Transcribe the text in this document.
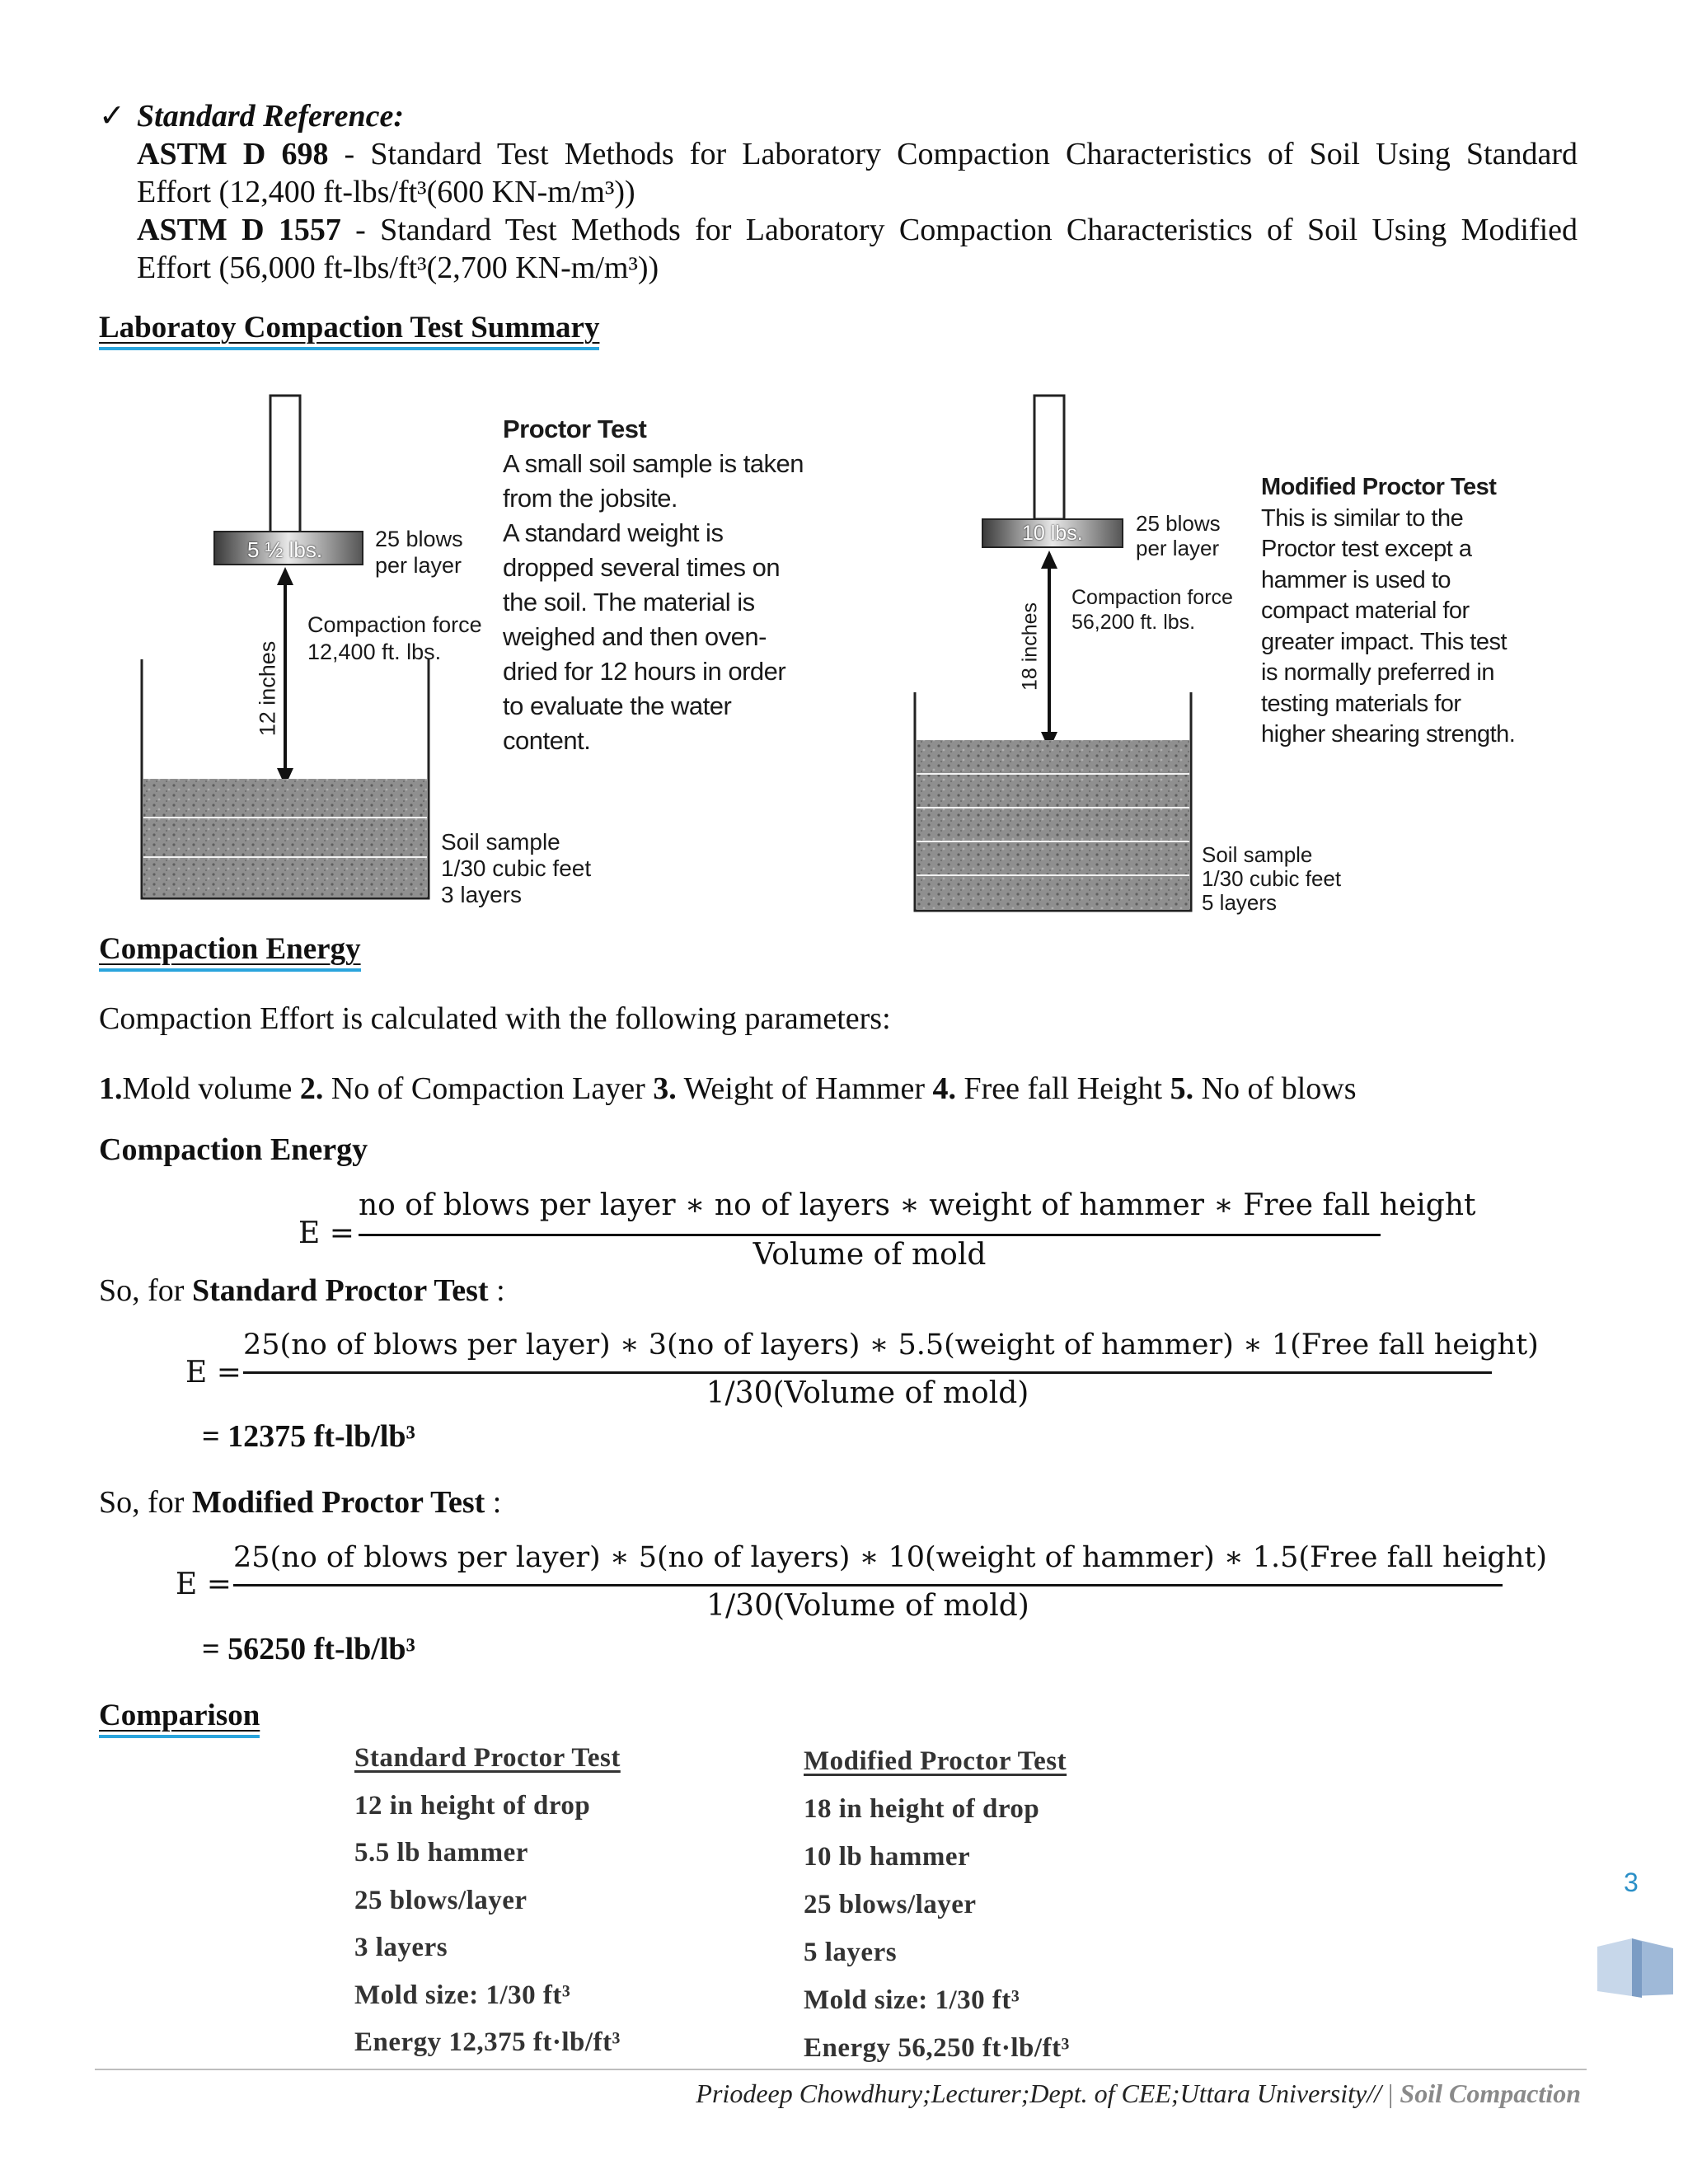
✓ Standard Reference:
ASTM D 698 - Standard Test Methods for Laboratory Compaction Characteristics of Soil Using Standard
Effort (12,400 ft-lbs/ft³(600 KN-m/m³))
ASTM D 1557 - Standard Test Methods for Laboratory Compaction Characteristics of Soil Using Modified
Effort (56,000 ft-lbs/ft³(2,700 KN-m/m³))
Laboratoy Compaction Test Summary
5 ½ lbs. 25 blows
per layer
Compaction force
12,400 ft. lbs.
12 inches
Soil sample
1/30 cubic feet
3 layers
Proctor Test
A small soil sample is taken
from the jobsite.
A standard weight is
dropped several times on
the soil. The material is
weighed and then oven-
dried for 12 hours in order
to evaluate the water
content.
10 lbs. 25 blows
per layer
Compaction force
56,200 ft. lbs.
18 inches
Soil sample
1/30 cubic feet
5 layers
Modified Proctor Test
This is similar to the
Proctor test except a
hammer is used to
compact material for
greater impact. This test
is normally preferred in
testing materials for
higher shearing strength.
Compaction Energy
Compaction Effort is calculated with the following parameters:
1.Mold volume 2. No of Compaction Layer 3. Weight of Hammer 4. Free fall Height 5. No of blows
Compaction Energy
E =
no of blows per layer ∗ no of layers ∗ weight of hammer ∗ Free fall height
Volume of mold
So, for Standard Proctor Test :
E =
25(no of blows per layer) ∗ 3(no of layers) ∗ 5.5(weight of hammer) ∗ 1(Free fall height)
1/30(Volume of mold)
= 12375 ft-lb/lb³
So, for Modified Proctor Test :
E =
25(no of blows per layer) ∗ 5(no of layers) ∗ 10(weight of hammer) ∗ 1.5(Free fall height)
1/30(Volume of mold)
= 56250 ft-lb/lb³
Comparison
Standard Proctor Test
12 in height of drop
5.5 lb hammer
25 blows/layer
3 layers
Mold size: 1/30 ft³
Energy 12,375 ft·lb/ft³
Modified Proctor Test
18 in height of drop
10 lb hammer
25 blows/layer
5 layers
Mold size: 1/30 ft³
Energy 56,250 ft·lb/ft³
3
Priodeep Chowdhury;Lecturer;Dept. of CEE;Uttara University// | Soil Compaction
